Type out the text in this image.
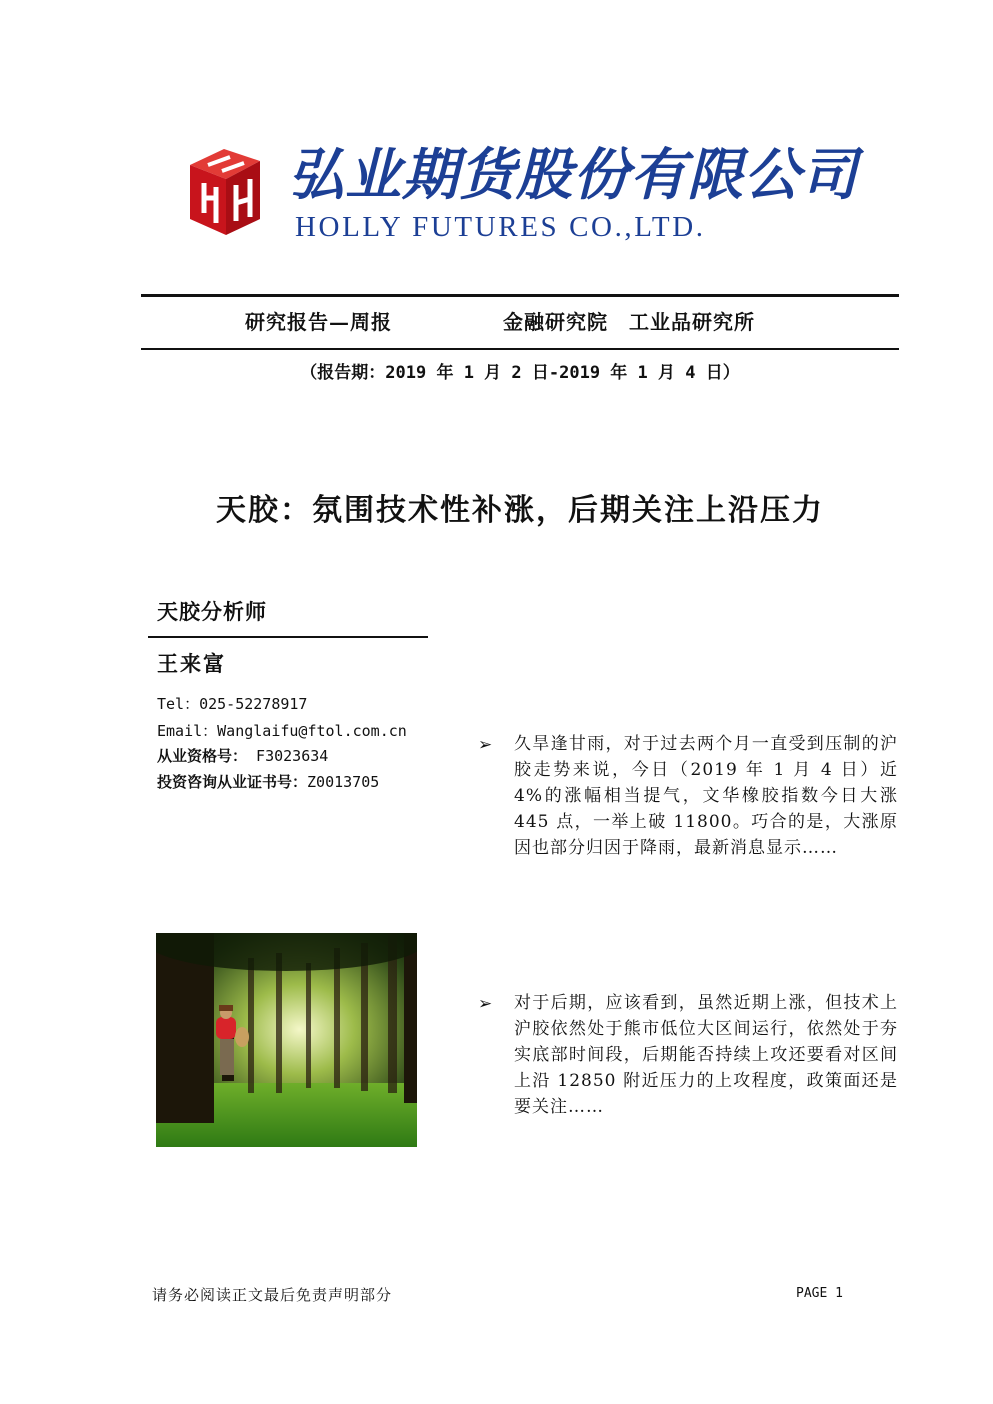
弘业期货股份有限公司
HOLLY FUTURES CO.,LTD.
研究报告—周报	金融研究院　工业品研究所
（报告期：2019 年 1 月 2 日-2019 年 1 月 4 日）
天胶：氛围技术性补涨，后期关注上沿压力
天胶分析师
王来富
Tel：025-52278917
Email：Wanglaifu@ftol.com.cn
从业资格号： F3023634
投资咨询从业证书号：Z0013705
➢ 久旱逢甘雨，对于过去两个月一直受到压制的沪胶走势来说，今日（2019 年 1 月 4 日）近 4%的涨幅相当提气，文华橡胶指数今日大涨 445 点，一举上破 11800。巧合的是，大涨原因也部分归因于降雨，最新消息显示……
➢ 对于后期，应该看到，虽然近期上涨，但技术上沪胶依然处于熊市低位大区间运行，依然处于夯实底部时间段，后期能否持续上攻还要看对区间上沿 12850 附近压力的上攻程度，政策面还是要关注……
请务必阅读正文最后免责声明部分	PAGE 1
